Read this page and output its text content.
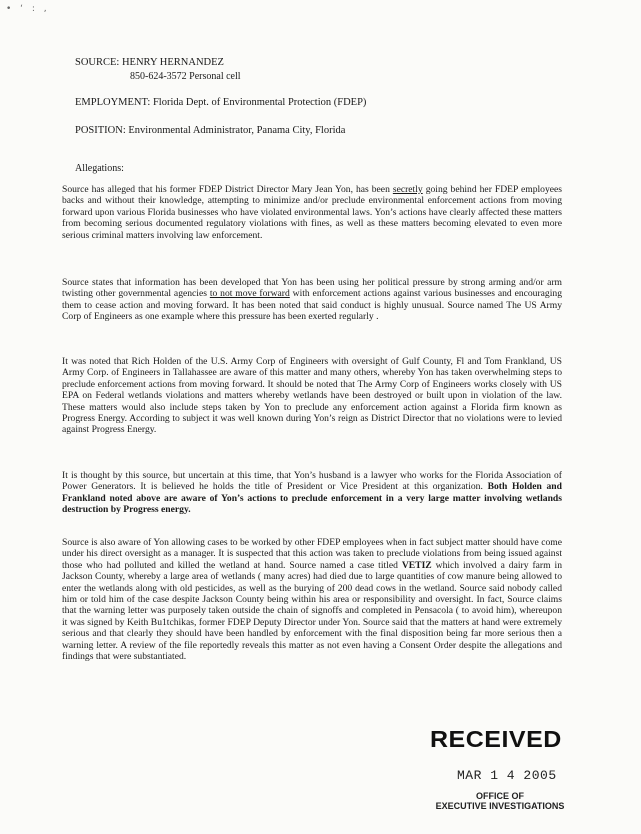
• ‘ : ,
SOURCE: HENRY HERNANDEZ
850-624-3572 Personal cell
EMPLOYMENT: Florida Dept. of Environmental Protection (FDEP)
POSITION: Environmental Administrator, Panama City, Florida
Allegations:
Source has alleged that his former FDEP District Director Mary Jean Yon, has been secretly going behind her FDEP employees backs and without their knowledge, attempting to minimize and/or preclude environmental enforcement actions from moving forward upon various Florida businesses who have violated environmental laws. Yon’s actions have clearly affected these matters from becoming serious documented regulatory violations with fines, as well as these matters becoming elevated to even more serious criminal matters involving law enforcement.
Source states that information has been developed that Yon has been using her political pressure by strong arming and/or arm twisting other governmental agencies to not move forward with enforcement actions against various businesses and encouraging them to cease action and moving forward. It has been noted that said conduct is highly unusual. Source named The US Army Corp of Engineers as one example where this pressure has been exerted regularly .
It was noted that Rich Holden of the U.S. Army Corp of Engineers with oversight of Gulf County, Fl and Tom Frankland, US Army Corp. of Engineers in Tallahassee are aware of this matter and many others, whereby Yon has taken overwhelming steps to preclude enforcement actions from moving forward. It should be noted that The Army Corp of Engineers works closely with US EPA on Federal wetlands violations and matters whereby wetlands have been destroyed or built upon in violation of the law. These matters would also include steps taken by Yon to preclude any enforcement action against a Florida firm known as Progress Energy. According to subject it was well known during Yon’s reign as District Director that no violations were to levied against Progress Energy.
It is thought by this source, but uncertain at this time, that Yon’s husband is a lawyer who works for the Florida Association of Power Generators. It is believed he holds the title of President or Vice President at this organization. Both Holden and Frankland noted above are aware of Yon’s actions to preclude enforcement in a very large matter involving wetlands destruction by Progress energy.
Source is also aware of Yon allowing cases to be worked by other FDEP employees when in fact subject matter should have come under his direct oversight as a manager. It is suspected that this action was taken to preclude violations from being issued against those who had polluted and killed the wetland at hand. Source named a case titled VETIZ which involved a dairy farm in Jackson County, whereby a large area of wetlands ( many acres) had died due to large quantities of cow manure being allowed to enter the wetlands along with old pesticides, as well as the burying of 200 dead cows in the wetland. Source said nobody called him or told him of the case despite Jackson County being within his area or responsibility and oversight. In fact, Source claims that the warning letter was purposely taken outside the chain of signoffs and completed in Pensacola ( to avoid him), whereupon it was signed by Keith Bu1tchikas, former FDEP Deputy Director under Yon. Source said that the matters at hand were extremely serious and that clearly they should have been handled by enforcement with the final disposition being far more serious then a warning letter. A review of the file reportedly reveals this matter as not even having a Consent Order despite the allegations and findings that were substantiated.
RECEIVED
MAR 1 4 2005
OFFICE OF
EXECUTIVE INVESTIGATIONS
